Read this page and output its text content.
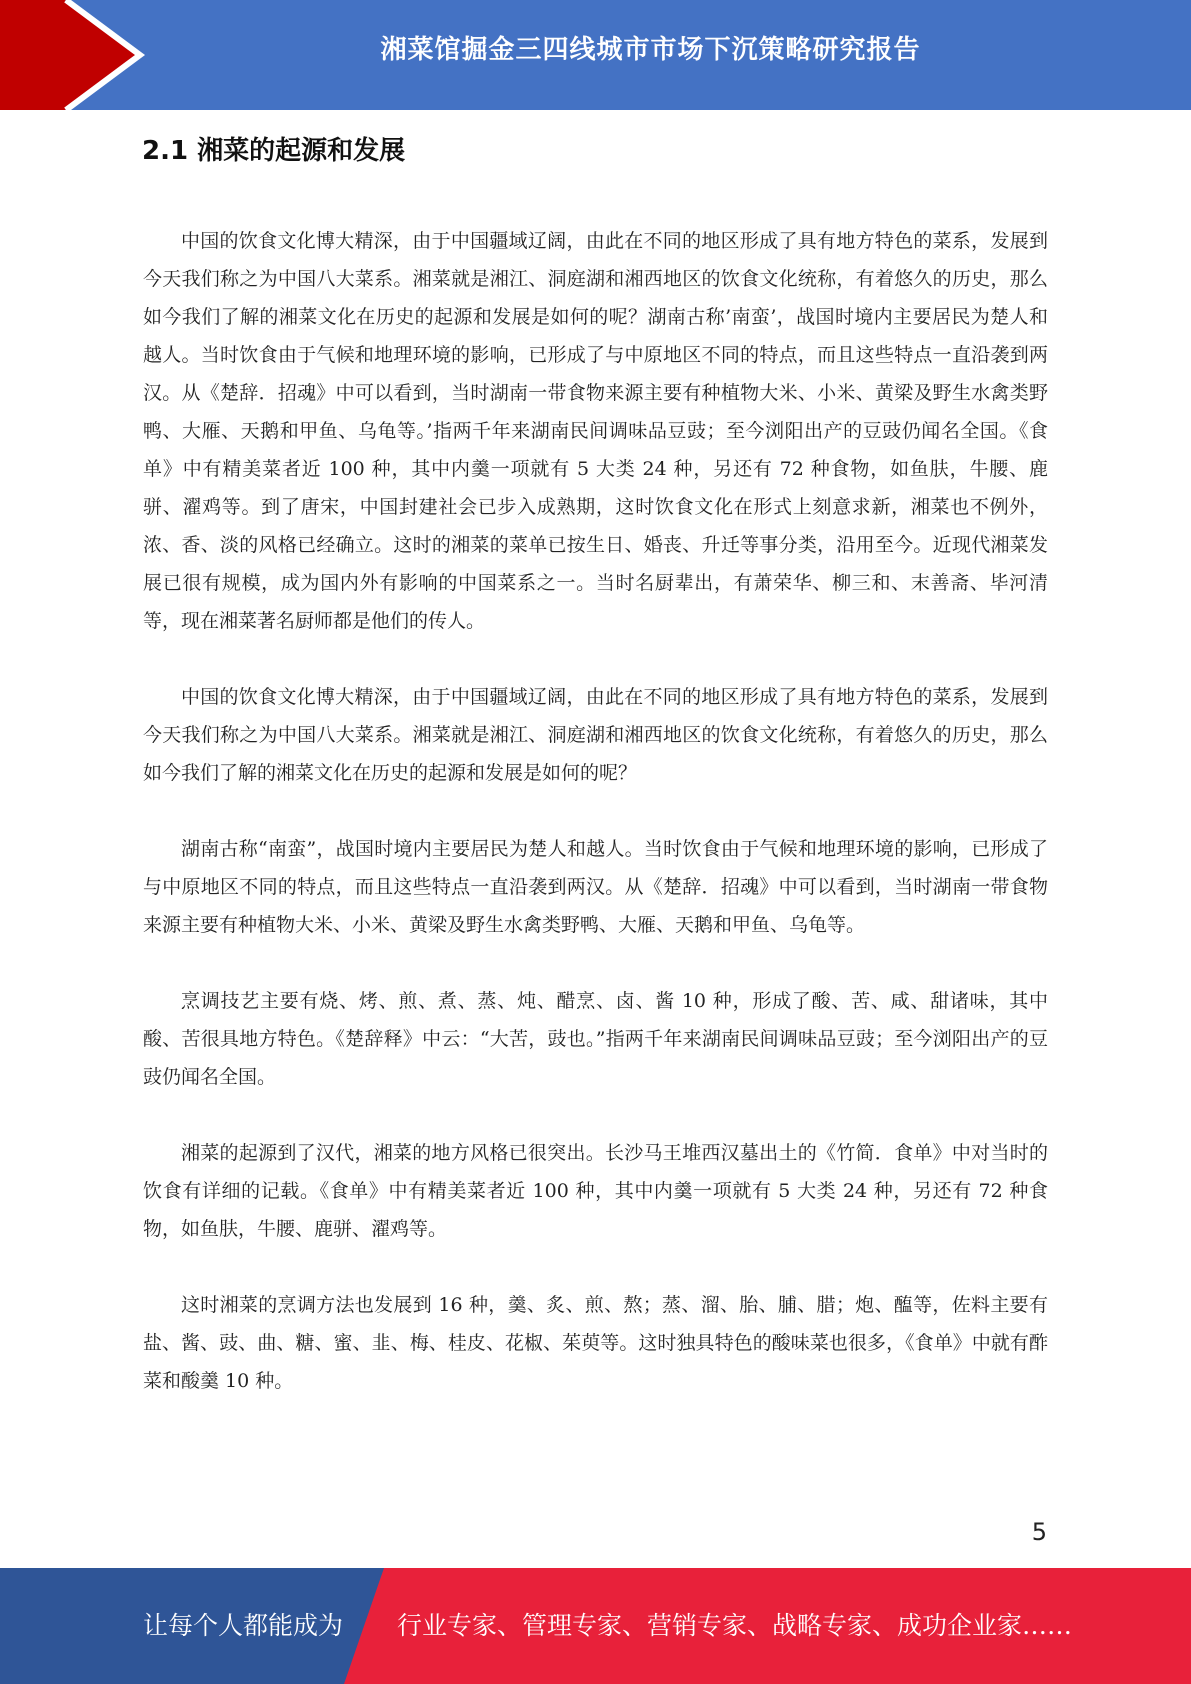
湘菜馆掘金三四线城市市场下沉策略研究报告
2.1 湘菜的起源和发展

中国的饮食文化博大精深，由于中国疆域辽阔，由此在不同的地区形成了具有地方特色的菜系，发展到今天我们称之为中国八大菜系。湘菜就是湘江、洞庭湖和湘西地区的饮食文化统称，有着悠久的历史，那么如今我们了解的湘菜文化在历史的起源和发展是如何的呢？湖南古称’南蛮’，战国时境内主要居民为楚人和越人。当时饮食由于气候和地理环境的影响，已形成了与中原地区不同的特点，而且这些特点一直沿袭到两汉。从《楚辞．招魂》中可以看到，当时湖南一带食物来源主要有种植物大米、小米、黄梁及野生水禽类野鸭、大雁、天鹅和甲鱼、乌龟等。’指两千年来湖南民间调味品豆豉；至今浏阳出产的豆豉仍闻名全国。《食单》中有精美菜者近 100 种，其中内羹一项就有 5 大类 24 种，另还有 72 种食物，如鱼肤，牛腰、鹿骈、濯鸡等。到了唐宋，中国封建社会已步入成熟期，这时饮食文化在形式上刻意求新，湘菜也不例外，浓、香、淡的风格已经确立。这时的湘菜的菜单已按生日、婚丧、升迁等事分类，沿用至今。近现代湘菜发展已很有规模，成为国内外有影响的中国菜系之一。当时名厨辈出，有萧荣华、柳三和、末善斋、毕河清等，现在湘菜著名厨师都是他们的传人。

中国的饮食文化博大精深，由于中国疆域辽阔，由此在不同的地区形成了具有地方特色的菜系，发展到今天我们称之为中国八大菜系。湘菜就是湘江、洞庭湖和湘西地区的饮食文化统称，有着悠久的历史，那么如今我们了解的湘菜文化在历史的起源和发展是如何的呢？

湖南古称“南蛮”，战国时境内主要居民为楚人和越人。当时饮食由于气候和地理环境的影响，已形成了与中原地区不同的特点，而且这些特点一直沿袭到两汉。从《楚辞．招魂》中可以看到，当时湖南一带食物来源主要有种植物大米、小米、黄梁及野生水禽类野鸭、大雁、天鹅和甲鱼、乌龟等。

烹调技艺主要有烧、烤、煎、煮、蒸、炖、醋烹、卤、酱 10 种，形成了酸、苦、咸、甜诸味，其中酸、苦很具地方特色。《楚辞释》中云：“大苦，豉也。”指两千年来湖南民间调味品豆豉；至今浏阳出产的豆豉仍闻名全国。

湘菜的起源到了汉代，湘菜的地方风格已很突出。长沙马王堆西汉墓出土的《竹简．食单》中对当时的饮食有详细的记载。《食单》中有精美菜者近 100 种，其中内羹一项就有 5 大类 24 种，另还有 72 种食物，如鱼肤，牛腰、鹿骈、濯鸡等。

这时湘菜的烹调方法也发展到 16 种，羹、炙、煎、熬；蒸、溜、胎、脯、腊；炮、醢等，佐料主要有盐、酱、豉、曲、糖、蜜、韭、梅、桂皮、花椒、茱萸等。这时独具特色的酸味菜也很多，《食单》中就有酢菜和酸羹 10 种。

5
让每个人都能成为 行业专家、管理专家、营销专家、战略专家、成功企业家……
